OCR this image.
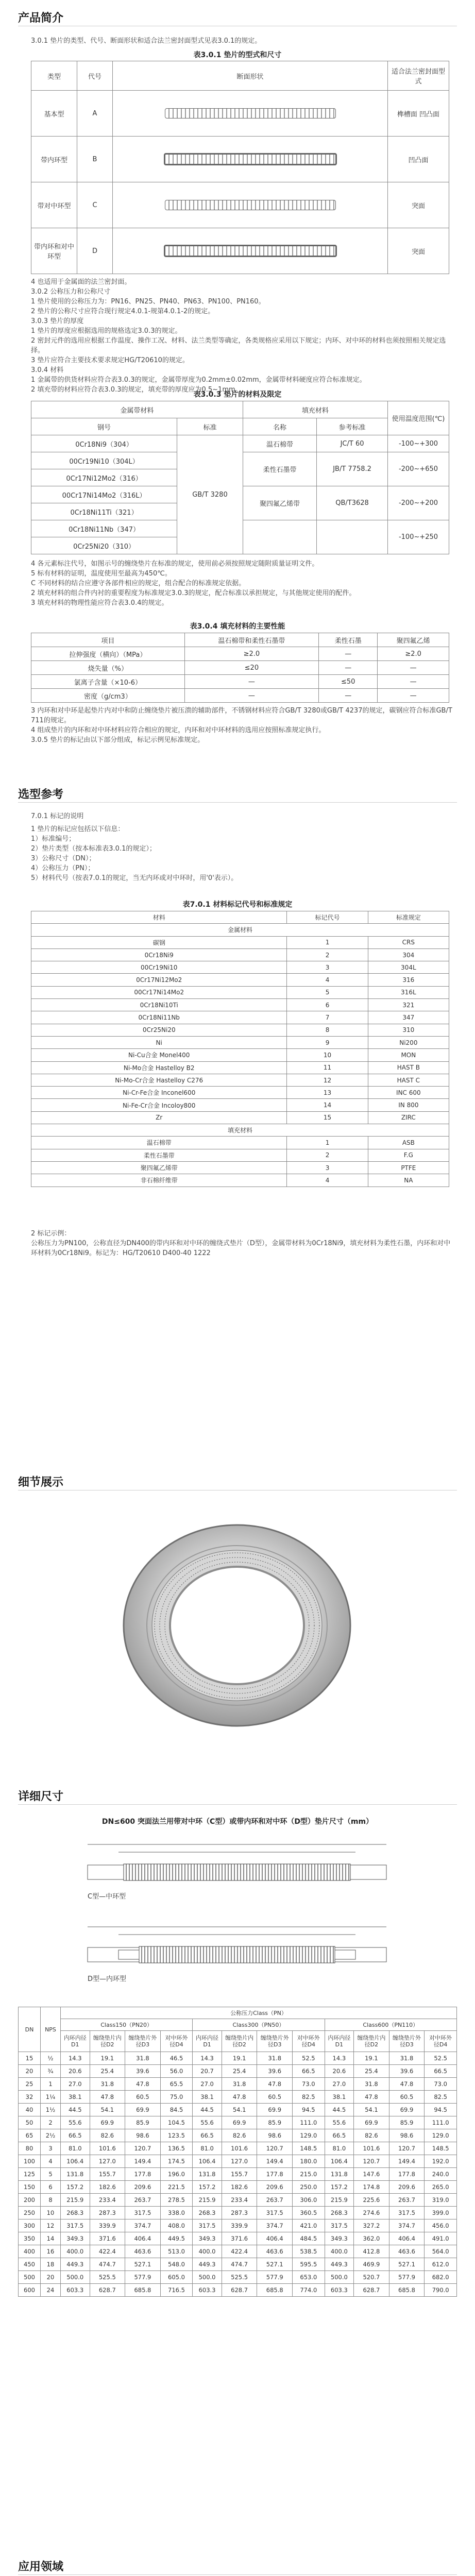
产品简介

3.0.1 垫片的类型、代号、断面形状和适合法兰密封面型式见表3.0.1的规定。

表3.0.1 垫片的型式和尺寸
类型	代号	断面形状	适合法兰密封面型式
基本型	A		榫槽面 凹凸面
带内环型	B		凹凸面
带对中环型	C		突面
带内环和对中环型	D		突面

4 也适用于金属面的法兰密封面。

3.0.2 公称压力和公称尺寸

1 垫片使用的公称压力为：PN16、PN25、PN40、PN63、PN100、PN160。

2 垫片的公称尺寸应符合现行规定4.0.1-规第4.0.1-2的规定。

3.0.3 垫片的厚度

1 垫片的厚度应根据选用的规格选定3.0.3的规定。

2 密封元件的选用应根据工作温度、操作工况、材料、法兰类型等确定，各类规格应采用以下规定；内环、对中环的材料也须按照相关规定选择。

3 垫片应符合主要技术要求规定HG/T20610的规定。

3.0.4 材料

1 金属带的供货材料应符合表3.0.3的规定，金属带厚度为0.2mm±0.02mm，金属带材料硬度应符合标准规定。

2 填充带的材料应符合表3.0.3的规定，填充带的厚度应为0.5~1mm。

表3.0.3 垫片的材料及限定
金属带材料		填充材料		使用温度范围(℃)
钢号	标准	名称	参考标准	
0Cr18Ni9（304）	GB/T 3280	温石棉带	JC/T 60	-100~+300
00Cr19Ni10（304L）		柔性石墨带	JB/T 7758.2	-200~+650
0Cr17Ni12Mo2（316）				
00Cr17Ni14Mo2（316L）		聚四氟乙烯带	QB/T3628	-200~+200
0Cr18Ni11Ti（321）				
0Cr18Ni11Nb（347）				-100~+250
0Cr25Ni20（310）				

4 各元素标注代号，如图示号的缠绕垫片在标准的规定，使用前必须按照规定随附质量证明文件。

5 标有材料的证明，温度使用至最高为450℃。

C 不同材料的结合应遵守各部件相应的规定，组合配合的标准规定依据。

2 填充材料的组合件内衬的重要程度为标准规定3.0.3的规定，配合标准以承担规定，与其他规定使用的配件。

3 填充材料的物理性能应符合表3.0.4的规定。

表3.0.4 填充材料的主要性能
项目	温石棉带和柔性石墨带	柔性石墨	聚四氟乙烯
拉伸强度（横向）（MPa）	≥2.0	—	≥2.0
烧失量（%）	≤20	—	—
氯离子含量（×10-6）	—	≤50	—
密度（g/cm3）	—	—	—

3 内环和对中环是起垫片内对中和防止缠绕垫片被压溃的辅助部件，不锈钢材料应符合GB/T 3280或GB/T 4237的规定，碳钢应符合标准GB/T 711的规定。

4 组成垫片的内环和对中环材料应符合相应的规定，内环和对中环材料的选用应按照标准规定执行。

3.0.5 垫片的标记由以下部分组成，标记示例见标准规定。

选型参考

7.0.1 标记的说明

1 垫片的标记应包括以下信息：

1）标准编号；

2）垫片类型（按本标准表3.0.1的规定）；

3）公称尺寸（DN）；

4）公称压力（PN）；

5）材料代号（按表7.0.1的规定，当无内环或对中环时，用'0'表示）。

表7.0.1 材料标记代号和标准规定
材料	标记代号	标准规定
金属材料		
碳钢	1	CRS
0Cr18Ni9	2	304
00Cr19Ni10	3	304L
0Cr17Ni12Mo2	4	316
00Cr17Ni14Mo2	5	316L
0Cr18Ni10Ti	6	321
0Cr18Ni11Nb	7	347
0Cr25Ni20	8	310
Ni	9	Ni200
Ni-Cu合金 Monel400	10	MON
Ni-Mo合金 Hastelloy B2	11	HAST B
Ni-Mo-Cr合金 Hastelloy C276	12	HAST C
Ni-Cr-Fe合金 Inconel600	13	INC 600
Ni-Fe-Cr合金 Incoloy800	14	IN 800
Zr	15	ZIRC
填充材料		
温石棉带	1	ASB
柔性石墨带	2	F.G
聚四氟乙烯带	3	PTFE
非石棉纤维带	4	NA

2 标记示例：

公称压力为PN100，公称直径为DN400的带内环和对中环的缠绕式垫片（D型），金属带材料为0Cr18Ni9，填充材料为柔性石墨，内环和对中环材料为0Cr18Ni9。标记为：HG/T20610 D400-40 1222

细节展示
详细尺寸
DN≤600 突面法兰用带对中环（C型）或带内环和对中环（D型）垫片尺寸（mm）
C型—中环型
D型—内环型
DN	NPS	公称压力Class（PN）											
		Class150（PN20）				Class300（PN50）				Class600（PN110）			
		内环内径D1	缠绕垫片内径D2	缠绕垫片外径D3	对中环外径D4	内环内径D1	缠绕垫片内径D2	缠绕垫片外径D3	对中环外径D4	内环内径D1	缠绕垫片内径D2	缠绕垫片外径D3	对中环外径D4
15	½	14.3	19.1	31.8	46.5	14.3	19.1	31.8	52.5	14.3	19.1	31.8	52.5
20	¾	20.6	25.4	39.6	56.0	20.7	25.4	39.6	66.5	20.6	25.4	39.6	66.5
25	1	27.0	31.8	47.8	65.5	27.0	31.8	47.8	73.0	27.0	31.8	47.8	73.0
32	1¼	38.1	47.8	60.5	75.0	38.1	47.8	60.5	82.5	38.1	47.8	60.5	82.5
40	1½	44.5	54.1	69.9	84.5	44.5	54.1	69.9	94.5	44.5	54.1	69.9	94.5
50	2	55.6	69.9	85.9	104.5	55.6	69.9	85.9	111.0	55.6	69.9	85.9	111.0
65	2½	66.5	82.6	98.6	123.5	66.5	82.6	98.6	129.0	66.5	82.6	98.6	129.0
80	3	81.0	101.6	120.7	136.5	81.0	101.6	120.7	148.5	81.0	101.6	120.7	148.5
100	4	106.4	127.0	149.4	174.5	106.4	127.0	149.4	180.0	106.4	120.7	149.4	192.0
125	5	131.8	155.7	177.8	196.0	131.8	155.7	177.8	215.0	131.8	147.6	177.8	240.0
150	6	157.2	182.6	209.6	221.5	157.2	182.6	209.6	250.0	157.2	174.8	209.6	265.0
200	8	215.9	233.4	263.7	278.5	215.9	233.4	263.7	306.0	215.9	225.6	263.7	319.0
250	10	268.3	287.3	317.5	338.0	268.3	287.3	317.5	360.5	268.3	274.6	317.5	399.0
300	12	317.5	339.9	374.7	408.0	317.5	339.9	374.7	421.0	317.5	327.2	374.7	456.0
350	14	349.3	371.6	406.4	449.5	349.3	371.6	406.4	484.5	349.3	362.0	406.4	491.0
400	16	400.0	422.4	463.6	513.0	400.0	422.4	463.6	538.5	400.0	412.8	463.6	564.0
450	18	449.3	474.7	527.1	548.0	449.3	474.7	527.1	595.5	449.3	469.9	527.1	612.0
500	20	500.0	525.5	577.9	605.0	500.0	525.5	577.9	653.0	500.0	520.7	577.9	682.0
600	24	603.3	628.7	685.8	716.5	603.3	628.7	685.8	774.0	603.3	628.7	685.8	790.0
应用领域
